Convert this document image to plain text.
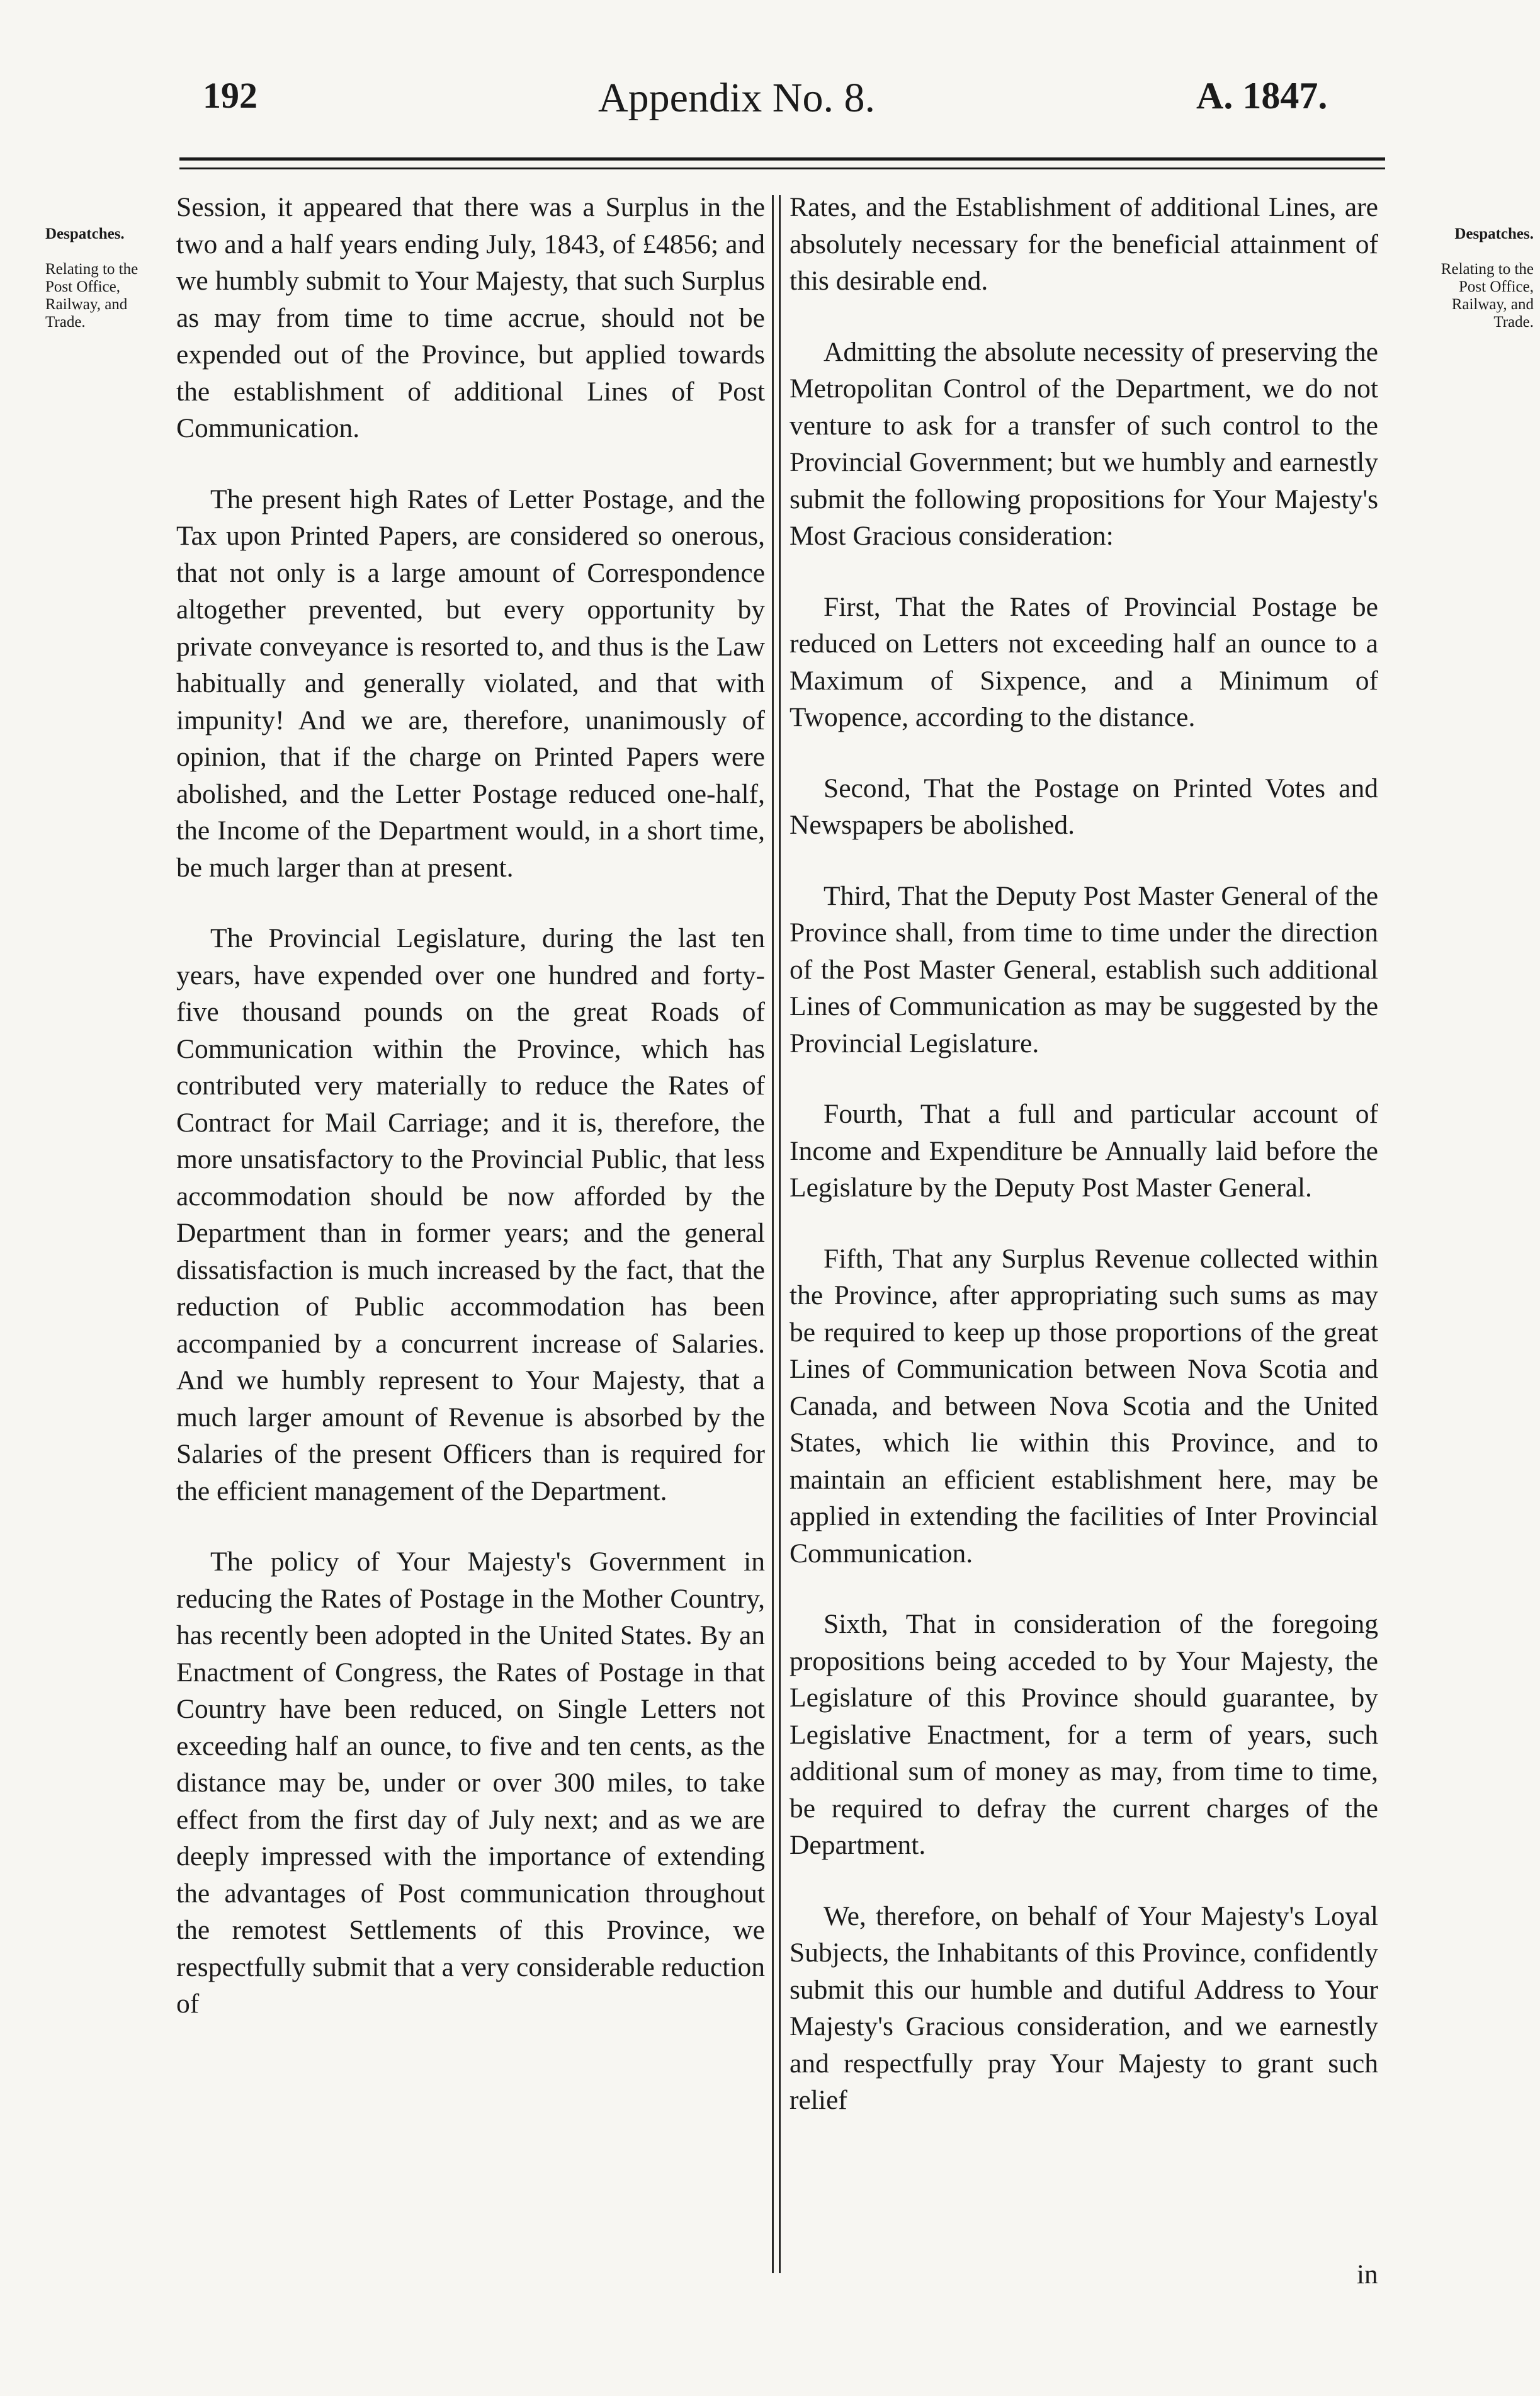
192	Appendix No. 8.	A. 1847.

Despatches.

Relating to the
Post Office,
Railway, and
Trade.

Despatches.

Relating to the
Post Office,
Railway, and
Trade.

Session, it appeared that there was a Surplus in the two and a half years ending July, 1843, of £4856; and we humbly submit to Your Majesty, that such Surplus as may from time to time accrue, should not be expended out of the Province, but applied towards the establishment of additional Lines of Post Communication.

The present high Rates of Letter Postage, and the Tax upon Printed Papers, are considered so onerous, that not only is a large amount of Correspondence altogether prevented, but every opportunity by private conveyance is resorted to, and thus is the Law habitually and generally violated, and that with impunity! And we are, therefore, unanimously of opinion, that if the charge on Printed Papers were abolished, and the Letter Postage reduced one-half, the Income of the Department would, in a short time, be much larger than at present.

The Provincial Legislature, during the last ten years, have expended over one hundred and forty-five thousand pounds on the great Roads of Communication within the Province, which has contributed very materially to reduce the Rates of Contract for Mail Carriage; and it is, therefore, the more unsatisfactory to the Provincial Public, that less accommodation should be now afforded by the Department than in former years; and the general dissatisfaction is much increased by the fact, that the reduction of Public accommodation has been accompanied by a concurrent increase of Salaries. And we humbly represent to Your Majesty, that a much larger amount of Revenue is absorbed by the Salaries of the present Officers than is required for the efficient management of the Department.

The policy of Your Majesty's Government in reducing the Rates of Postage in the Mother Country, has recently been adopted in the United States. By an Enactment of Congress, the Rates of Postage in that Country have been reduced, on Single Letters not exceeding half an ounce, to five and ten cents, as the distance may be, under or over 300 miles, to take effect from the first day of July next; and as we are deeply impressed with the importance of extending the advantages of Post communication throughout the remotest Settlements of this Province, we respectfully submit that a very considerable reduction of

Rates, and the Establishment of additional Lines, are absolutely necessary for the beneficial attainment of this desirable end.

Admitting the absolute necessity of preserving the Metropolitan Control of the Department, we do not venture to ask for a transfer of such control to the Provincial Government; but we humbly and earnestly submit the following propositions for Your Majesty's Most Gracious consideration:

First, That the Rates of Provincial Postage be reduced on Letters not exceeding half an ounce to a Maximum of Sixpence, and a Minimum of Twopence, according to the distance.

Second, That the Postage on Printed Votes and Newspapers be abolished.

Third, That the Deputy Post Master General of the Province shall, from time to time under the direction of the Post Master General, establish such additional Lines of Communication as may be suggested by the Provincial Legislature.

Fourth, That a full and particular account of Income and Expenditure be Annually laid before the Legislature by the Deputy Post Master General.

Fifth, That any Surplus Revenue collected within the Province, after appropriating such sums as may be required to keep up those proportions of the great Lines of Communication between Nova Scotia and Canada, and between Nova Scotia and the United States, which lie within this Province, and to maintain an efficient establishment here, may be applied in extending the facilities of Inter Provincial Communication.

Sixth, That in consideration of the foregoing propositions being acceded to by Your Majesty, the Legislature of this Province should guarantee, by Legislative Enactment, for a term of years, such additional sum of money as may, from time to time, be required to defray the current charges of the Department.

We, therefore, on behalf of Your Majesty's Loyal Subjects, the Inhabitants of this Province, confidently submit this our humble and dutiful Address to Your Majesty's Gracious consideration, and we earnestly and respectfully pray Your Majesty to grant such relief

in
